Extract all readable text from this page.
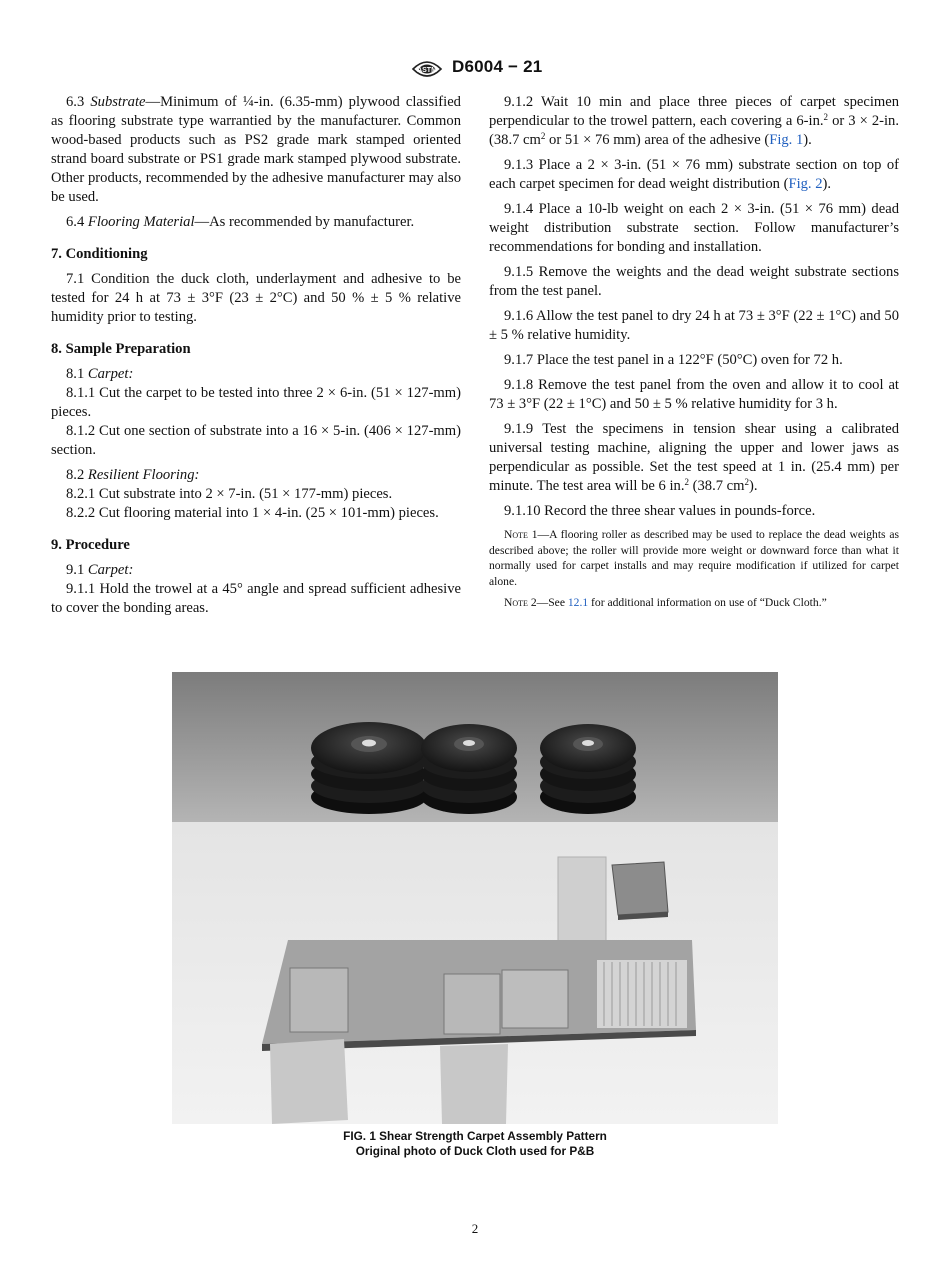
ASTM D6004 − 21

6.3 Substrate—Minimum of ¼-in. (6.35-mm) plywood classified as flooring substrate type warrantied by the manufacturer. Common wood-based products such as PS2 grade mark stamped oriented strand board substrate or PS1 grade mark stamped plywood substrate. Other products, recommended by the adhesive manufacturer may also be used.

6.4 Flooring Material—As recommended by manufacturer.

7. Conditioning

7.1 Condition the duck cloth, underlayment and adhesive to be tested for 24 h at 73 ± 3°F (23 ± 2°C) and 50 % ± 5 % relative humidity prior to testing.

8. Sample Preparation

8.1 Carpet:

8.1.1 Cut the carpet to be tested into three 2 × 6-in. (51 × 127-mm) pieces.

8.1.2 Cut one section of substrate into a 16 × 5-in. (406 × 127-mm) section.

8.2 Resilient Flooring:

8.2.1 Cut substrate into 2 × 7-in. (51 × 177-mm) pieces.

8.2.2 Cut flooring material into 1 × 4-in. (25 × 101-mm) pieces.

9. Procedure

9.1 Carpet:

9.1.1 Hold the trowel at a 45° angle and spread sufficient adhesive to cover the bonding areas.

9.1.2 Wait 10 min and place three pieces of carpet specimen perpendicular to the trowel pattern, each covering a 6-in.$^2$ or 3 × 2-in. (38.7 $cm^2$ or 51 × 76 mm) area of the adhesive (Fig. 1).

9.1.3 Place a 2 × 3-in. (51 × 76 mm) substrate section on top of each carpet specimen for dead weight distribution (Fig. 2).

9.1.4 Place a 10-lb weight on each 2 × 3-in. (51 × 76 mm) dead weight distribution substrate section. Follow manufacturer’s recommendations for bonding and installation.

9.1.5 Remove the weights and the dead weight substrate sections from the test panel.

9.1.6 Allow the test panel to dry 24 h at 73 ± 3°F (22 ± 1°C) and 50 ± 5 % relative humidity.

9.1.7 Place the test panel in a 122°F (50°C) oven for 72 h.

9.1.8 Remove the test panel from the oven and allow it to cool at 73 ± 3°F (22 ± 1°C) and 50 ± 5 % relative humidity for 3 h.

9.1.9 Test the specimens in tension shear using a calibrated universal testing machine, aligning the upper and lower jaws as perpendicular as possible. Set the test speed at 1 in. (25.4 mm) per minute. The test area will be 6 in.$^2$ (38.7 $cm^2$).

9.1.10 Record the three shear values in pounds-force.

Note 1—A flooring roller as described may be used to replace the dead weights as described above; the roller will provide more weight or downward force than what it normally used for carpet installs and may require modification if utilized for carpet alone.

Note 2—See 12.1 for additional information on use of “Duck Cloth.”

FIG. 1 Shear Strength Carpet Assembly Pattern
Original photo of Duck Cloth used for P&B
2
